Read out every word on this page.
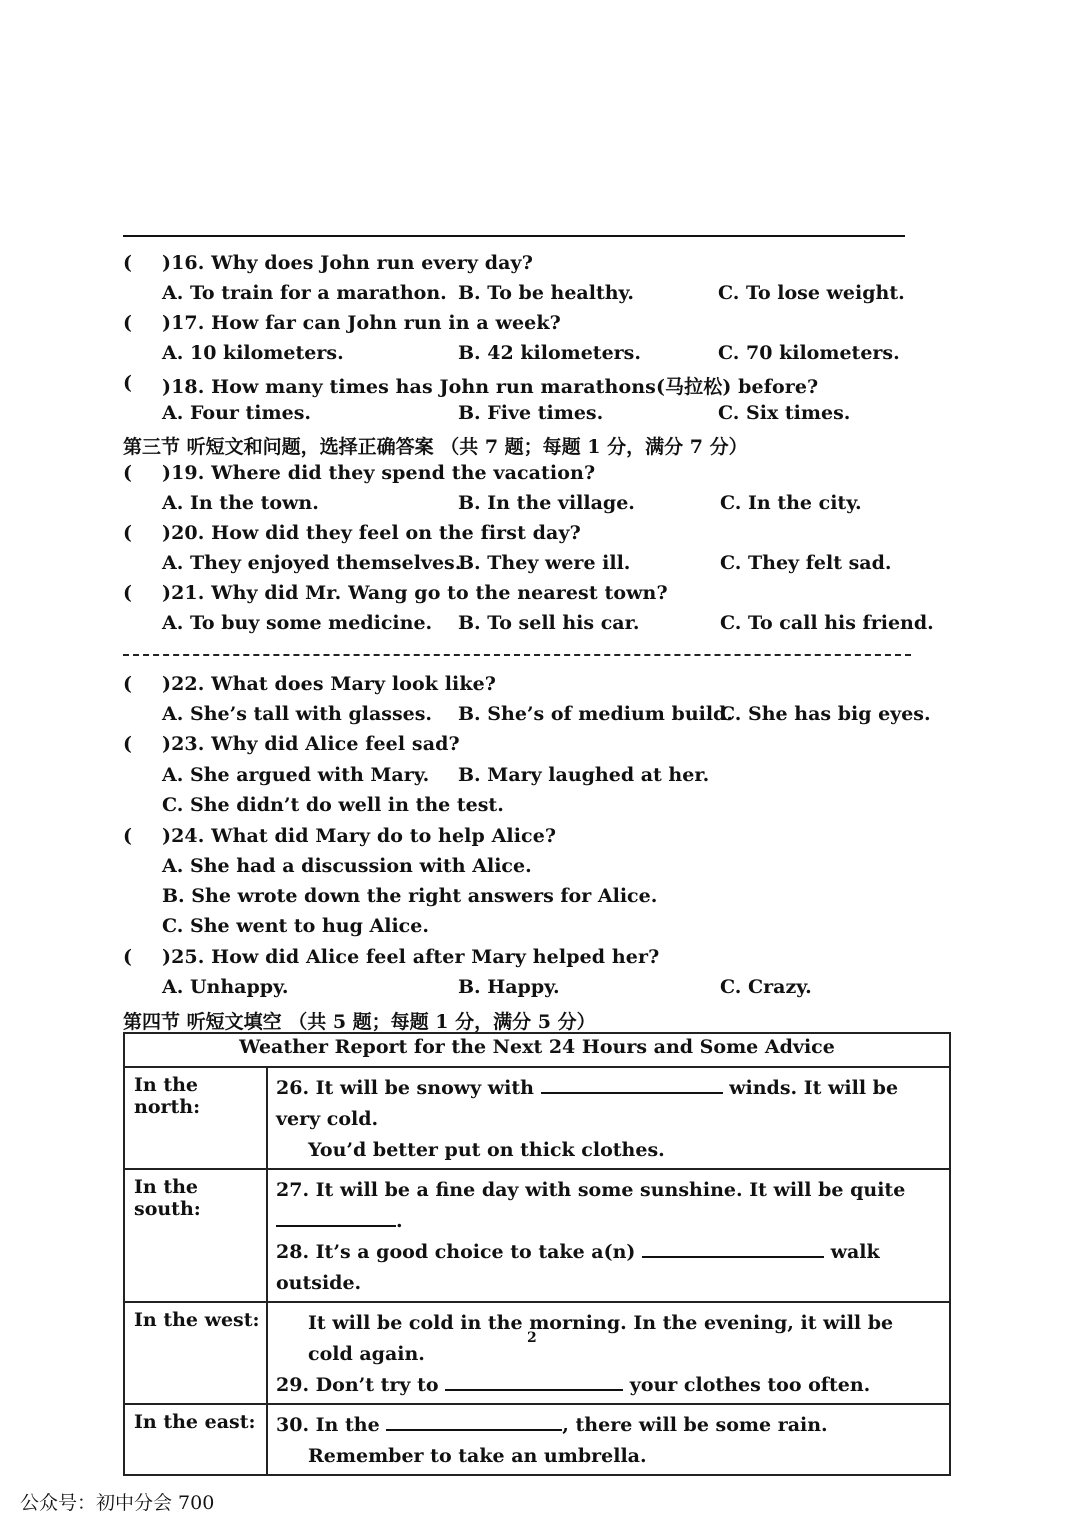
( )16. Why does John run every day?
A. To train for a marathon. B. To be healthy.	C. To lose weight.
( )17. How far can John run in a week?
A. 10 kilometers.	B. 42 kilometers.	C. 70 kilometers.
( )18. How many times has John run marathons(马拉松) before?
A. Four times.	B. Five times.	C. Six times.
第三节 听短文和问题，选择正确答案 （共 7 题；每题 1 分，满分 7 分）
( )19. Where did they spend the vacation?
A. In the town.	B. In the village.	C. In the city.
( )20. How did they feel on the first day?
A. They enjoyed themselves.
B. They were ill.	C. They felt sad.
( )21. Why did Mr. Wang go to the nearest town?
A. To buy some medicine. B. To sell his car.	C. To call his friend.
( )22. What does Mary look like?
A. She’s tall with glasses. B. She’s of medium build.
C. She has big eyes.
( )23. Why did Alice feel sad?
A. She argued with Mary. B. Mary laughed at her.
C. She didn’t do well in the test.
( )24. What did Mary do to help Alice?
A. She had a discussion with Alice.
B. She wrote down the right answers for Alice.
C. She went to hug Alice.
( )25. How did Alice feel after Mary helped her?
A. Unhappy.	B. Happy.	C. Crazy.
第四节 听短文填空 （共 5 题；每题 1 分，满分 5 分）
Weather Report for the Next 24 Hours and Some Advice	
In the north:	26. It will be snowy with winds. It will be very cold.
You’d better put on thick clothes.

In the south:	27. It will be a fine day with some sunshine. It will be quite .
28. It’s a good choice to take a(n) walk outside.

In the west:	It will be cold in the morning. In the evening, it will be cold again.
29. Don’t try to your clothes too often.

In the east:	30. In the , there will be some rain.
Remember to take an umbrella.
2
公众号：初中分会 700
